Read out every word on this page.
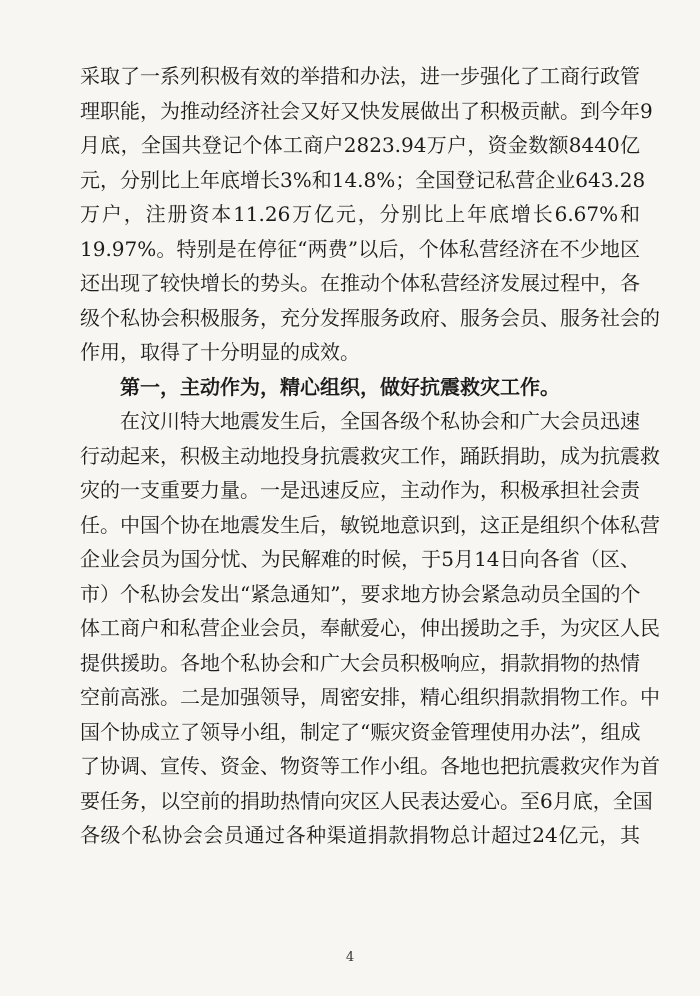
采取了一系列积极有效的举措和办法，进一步强化了工商行政管
理职能，为推动经济社会又好又快发展做出了积极贡献。到今年9
月底，全国共登记个体工商户2823.94万户，资金数额8440亿
元，分别比上年底增长3%和14.8%；全国登记私营企业643.28
万户，注册资本11.26万亿元，分别比上年底增长6.67%和
19.97%。特别是在停征“两费”以后，个体私营经济在不少地区
还出现了较快增长的势头。在推动个体私营经济发展过程中，各
级个私协会积极服务，充分发挥服务政府、服务会员、服务社会的
作用，取得了十分明显的成效。
第一，主动作为，精心组织，做好抗震救灾工作。
在汶川特大地震发生后，全国各级个私协会和广大会员迅速
行动起来，积极主动地投身抗震救灾工作，踊跃捐助，成为抗震救
灾的一支重要力量。一是迅速反应，主动作为，积极承担社会责
任。中国个协在地震发生后，敏锐地意识到，这正是组织个体私营
企业会员为国分忧、为民解难的时候，于5月14日向各省（区、
市）个私协会发出“紧急通知”，要求地方协会紧急动员全国的个
体工商户和私营企业会员，奉献爱心，伸出援助之手，为灾区人民
提供援助。各地个私协会和广大会员积极响应，捐款捐物的热情
空前高涨。二是加强领导，周密安排，精心组织捐款捐物工作。中
国个协成立了领导小组，制定了“赈灾资金管理使用办法”，组成
了协调、宣传、资金、物资等工作小组。各地也把抗震救灾作为首
要任务，以空前的捐助热情向灾区人民表达爱心。至6月底，全国
各级个私协会会员通过各种渠道捐款捐物总计超过24亿元，其
4
